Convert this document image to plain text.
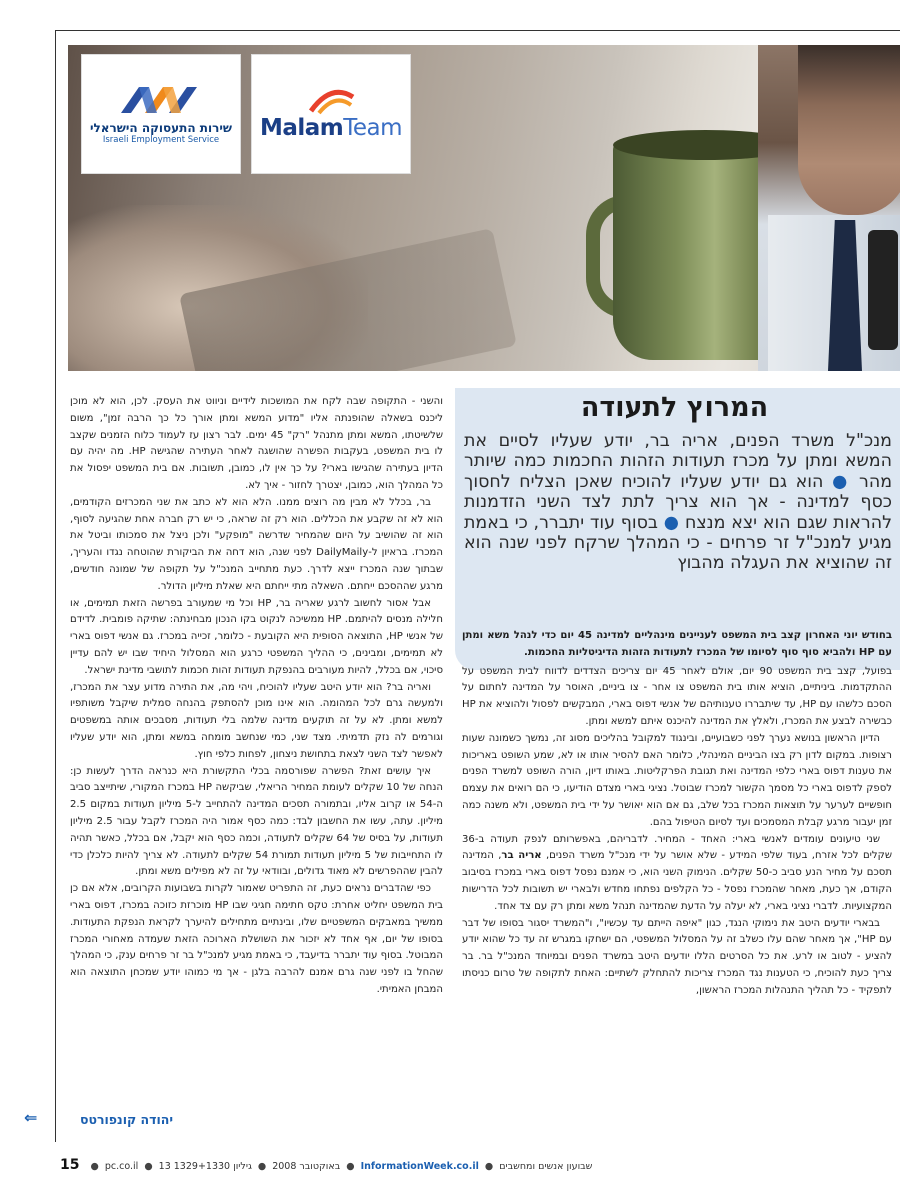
שירות התעסוקה הישראלי
Israeli Employment Service MalamTeam
המרוץ לתעודה

מנכ"ל משרד הפנים, אריה בר, יודע שעליו לסיים את המשא ומתן על מכרז תעודות הזהות החכמות כמה שיותר מהר ● הוא גם יודע שעליו להוכיח שאכן הצליח לחסוך כסף למדינה - אך הוא צריך לתת לצד השני הזדמנות להראות שגם הוא יצא מנצח ● בסוף עוד יתברר, כי באמת מגיע למנכ"ל זר פרחים - כי המהלך שרקח לפני שנה הוא זה שהוציא את העגלה מהבוץ

בחודש יוני האחרון קצב בית המשפט לעניינים מינהליים למדינה 45 יום כדי לנהל משא ומתן עם HP ולהביא סוף סוף לסיומו של המכרז לתעודות הזהות הדיגיטליות החכמות.

בפועל, קצב בית המשפט 90 יום, אולם לאחר 45 יום צריכים הצדדים לדווח לבית המשפט על ההתקדמות. ביניתיים, הוציא אותו בית המשפט צו אחר - צו ביניים, האוסר על המדינה לחתום על הסכם כלשהו עם HP, עד שיתבררו טענותיהם של אנשי דפוס בארי, המבקשים לפסול ולהוציא את HP כבשירה לבצע את המכרז, ולאלץ את המדינה להיכנס איתם למשא ומתן.

הדיון הראשון בנושא נערך לפני כשבועיים, ובינגוד למקובל בהליכים מסוג זה, נמשך כשמונה שעות רצופות. במקום לדון רק בצו הביניים המינהלי, כלומר האם להסיר אותו או לא, שמע השופט באריכות את טענות דפוס בארי כלפי המדינה ואת תגובת הפרקליטות. באותו דיון, הורה השופט למשרד הפנים לספק לדפוס בארי כל מסמך הקשור למכרז שבוטל. נציגי בארי מצדם הודיעו, כי הם רואים את עצמם חופשיים לערער על תוצאות המכרז בכל שלב, גם אם הוא יאושר על ידי בית המשפט, ולא משנה כמה זמן יעבור מרגע קבלת המסמכים ועד לסיום הטיפול בהם.

שני טיעונים עומדים לאנשי בארי: האחד - המחיר. לדבריהם, באפשרותם לנפק תעודה ב-36 שקלים לכל אזרח, בעוד שלפי המידע - שלא אושר על ידי מנכ"ל משרד הפנים, אריה בר, המדינה תסכם על מחיר הנע סביב כ-50 שקלים. הנימוק השני הוא, כי אמנם נפסל דפוס בארי במכרז בסיבוב הקודם, אך כעת, מאחר שהמכרז נפסל - כל הקלפים נפתחו מחדש ולבארי יש תשובות לכל הדרישות המקצועיות. לדברי נציגי בארי, לא יעלה על הדעת שהמדינה תנהל משא ומתן רק עם צד אחד.

בבארי יודעים היטב את נימוקי הנגד, כגון "איפה הייתם עד עכשיו", ו"המשרד יסגור בסופו של דבר עם HP", אך מאחר שהם עלו כשלב זה על המסלול המשפטי, הם ישחקו במגרש זה עד כל שהוא יודע להציע - לטוב או לרע. את כל הסרטים הללו יודעים היטב במשרד הפנים ובמיוחד המנכ"ל בר. בר צריך כעת להוכיח, כי הטענות נגד המכרז צריכות להתחלק לשתיים: האחת לתקופה של טרום כניסתו לתפקיד - כל תהליך התנהלות המכרז הראשון,

והשני - התקופה שבה לקח את המושכות לידיים וניווט את העסק. לכן, הוא לא מוכן ליכנס בשאלה שהופנתה אליו "מדוע המשא ומתן אורך כל כך הרבה זמן", משום שלשיטתו, המשא ומתן מתנהל "רק" 45 ימים. לבר רצון עז לעמוד כלוח הזמנים שקצב לו בית המשפט, בעקבות הפשרה שהושגה לאחר העתירה שהגישה HP. מה יהיה עם הדיון בעתירה שהגישו בארי? על כך אין לו, כמובן, תשובות. אם בית המשפט יפסול את כל המהלך הוא, כמובן, יצטרך לחזור - איך לא.

בר, בכלל לא מבין מה רוצים ממנו. הלא הוא לא כתב את שני המכרזים הקודמים, הוא לא זה שקבע את הכללים. הוא רק זה שראה, כי יש רק חברה אחת שהגיעה לסוף, הוא זה שהושיב על היום שהמחיר שדרשה "מופקע" ולכן ניצל את סמכותו וביטל את המכרז. בראיון ל-DailyMaily לפני שנה, הוא דחה את הביקורת שהוטחה נגדו והעריך, שבתוך שנה המכרז ייצא לדרך. כעת מתחייב המנכ"ל על תקופה של שמונה חודשים, מרגע שההסכם ייחתם. השאלה מתי ייחתם היא שאלת מיליון הדולר.

אבל אסור לחשוב לרגע שאריה בר, HP וכל מי שמעורב בפרשה הזאת תמימים, או חלילה מנסים להיתמם. HP ממשיכה לנקוט בקו הנכון מבחינתה: שתיקה פומבית. לדידם של אנשי HP, התוצאה הסופית היא הקובעת - כלומר, זכייה במכרז. גם אנשי דפוס בארי לא תמימים, ומבינים, כי ההליך המשפטי כרגע הוא המסלול היחיד שבו יש להם עדיין סיכוי, אם בכלל, להיות מעורבים בהנפקת תעודות זהות חכמות לתושבי מדינת ישראל.

ואריה בר? הוא יודע היטב שעליו להוכיח, ויהי מה, את התירה מדוע עצר את המכרז, ולמעשה גרם לכל המהומה. הוא אינו מוכן להסתפק בהנחה סמלית שיקבל משותפיו למשא ומתן. לא על זה תוקעים מדינה שלמה בלי תעודות, מסבכים אותה במשפטים וגורמים לה נזק תדמיתי. מצד שני, כמי שנחשב מומחה במשא ומתן, הוא יודע שעליו לאפשר לצד השני לצאת בתחושת ניצחון, לפחות כלפי חוץ.

איך עושים זאת? הפשרה שפורסמה בכלי התקשורת היא כנראה הדרך לעשות כן: הנחה של 10 שקלים לעומת המחיר הריאלי, שביקשה HP במכרז המקורי, שיתייצב סביב ה-54 או קרוב אליו, ובתמורה תסכים המדינה להתחייב ל-5 מיליון תעודות במקום 2.5 מיליון. עתה, עשו את החשבון לבד: כמה כסף אמור היה המכרז לקבל עבור 2.5 מיליון תעודות, על בסיס של 64 שקלים לתעודה, וכמה כסף הוא יקבל, אם בכלל, כאשר תהיה לו התחייבות של 5 מיליון תעודות תמורת 54 שקלים לתעודה. לא צריך להיות כלכלן כדי להבין שההפרשים לא מאוד גדולים, ובוודאי על זה לא מפילים משא ומתן.

כפי שהדברים נראים כעת, זה התפריט שאמור לקרות בשבועות הקרובים, אלא אם כן בית המשפט יחליט אחרת: טקס חתימה חגיגי שבו HP מוכרזת כזוכה במכרז, דפוס בארי ממשיך במאבקים המשפטיים שלו, ובינתיים מתחילים להיערך לקראת הנפקת התעודות. בסופו של יום, אף אחד לא יזכור את השושלת הארוכה הזאת שעמדה מאחורי המכרז המבוטל. בסוף עוד יתברר בדיעבד, כי באמת מגיע למנכ"ל בר זר פרחים ענק, כי המהלך שהחל בו לפני שנה גרם אמנם להרבה בלגן - אך מי כמוהו יודע שמכחן התוצאה הוא המבחן האמיתי.

יהודה קונפורטס
⇐
15 ● pc.co.il ● 13 באוקטובר 2008 ● גיליון 1329+1330	● InformationWeek.co.il ● שבועון אנשים ומחשבים
